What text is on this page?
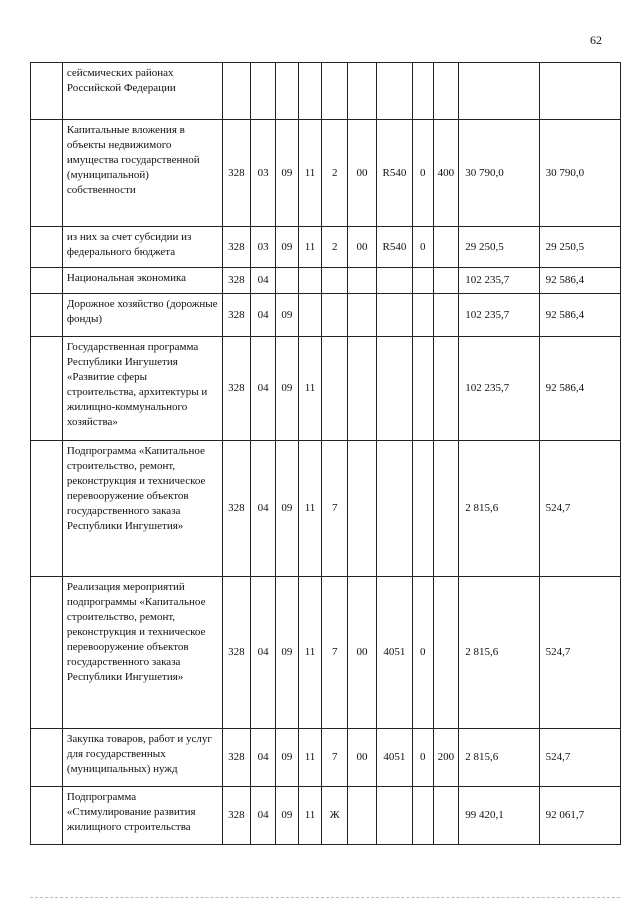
62
	сейсмических районах Российской Федерации											
	Капитальные вложения в объекты недвижимого имущества государственной (муниципальной) собственности	328	03	09	11	2	00	R540	0	400	30 790,0	30 790,0
	из них за счет субсидии из федерального бюджета	328	03	09	11	2	00	R540	0		29 250,5	29 250,5
	Национальная экономика	328	04								102 235,7	92 586,4
	Дорожное хозяйство (дорожные фонды)	328	04	09							102 235,7	92 586,4
	Государственная программа Республики Ингушетия «Развитие сферы строительства, архитектуры и жилищно-коммунального хозяйства»	328	04	09	11						102 235,7	92 586,4
	Подпрограмма «Капитальное строительство, ремонт, реконструкция и техническое перевооружение объектов государственного заказа Республики Ингушетия»	328	04	09	11	7					2 815,6	524,7
	Реализация мероприятий подпрограммы «Капитальное строительство, ремонт, реконструкция и техническое перевооружение объектов государственного заказа Республики Ингушетия»	328	04	09	11	7	00	4051	0		2 815,6	524,7
	Закупка товаров, работ и услуг для государственных (муниципальных) нужд	328	04	09	11	7	00	4051	0	200	2 815,6	524,7
	Подпрограмма «Стимулирование развития жилищного строительства	328	04	09	11	Ж					99 420,1	92 061,7
